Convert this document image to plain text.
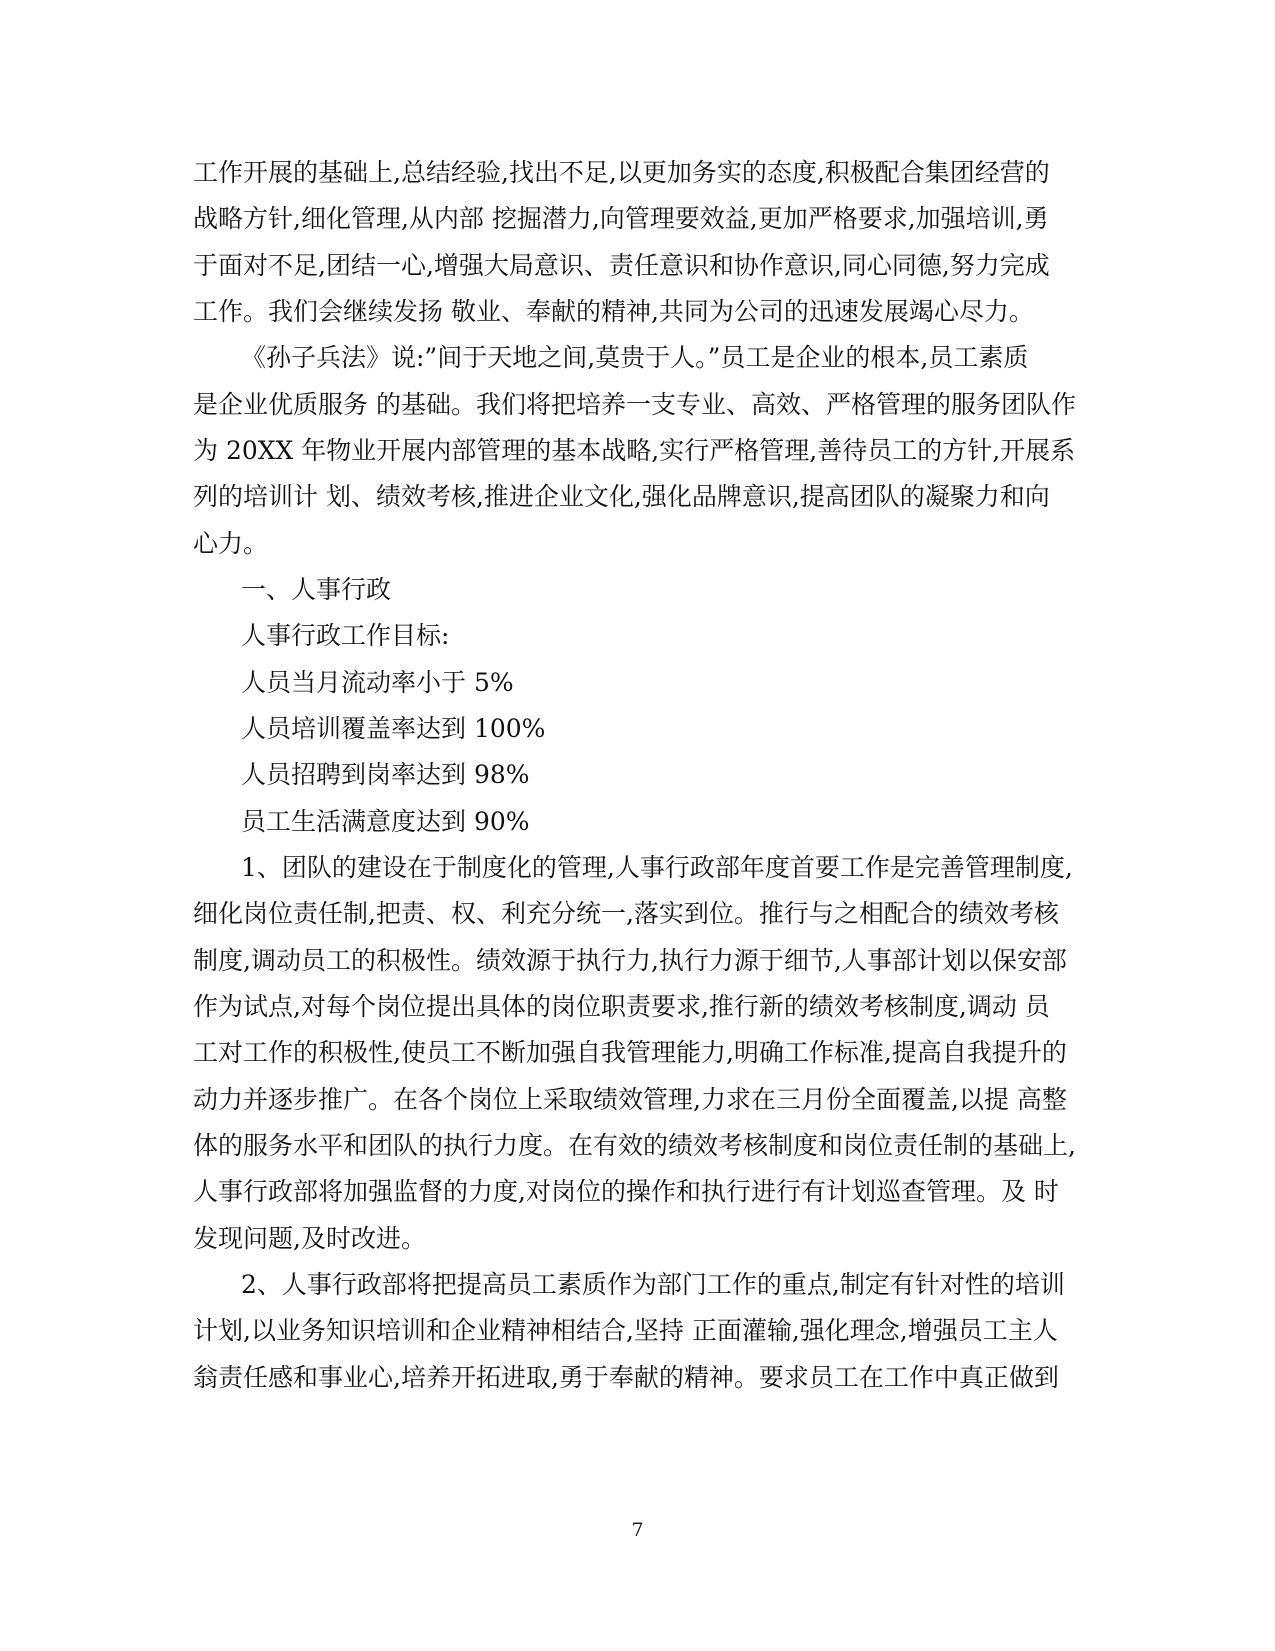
工作开展的基础上,总结经验,找出不足,以更加务实的态度,积极配合集团经营的
战略方针,细化管理,从内部 挖掘潜力,向管理要效益,更加严格要求,加强培训,勇
于面对不足,团结一心,增强大局意识、责任意识和协作意识,同心同德,努力完成
工作。我们会继续发扬 敬业、奉献的精神,共同为公司的迅速发展竭心尽力。
《孙子兵法》说:”间于天地之间,莫贵于人。”员工是企业的根本,员工素质
是企业优质服务 的基础。我们将把培养一支专业、高效、严格管理的服务团队作
为 20XX 年物业开展内部管理的基本战略,实行严格管理,善待员工的方针,开展系
列的培训计 划、绩效考核,推进企业文化,强化品牌意识,提高团队的凝聚力和向
心力。
一、人事行政
人事行政工作目标:
人员当月流动率小于 5%
人员培训覆盖率达到 100%
人员招聘到岗率达到 98%
员工生活满意度达到 90%
1、团队的建设在于制度化的管理,人事行政部年度首要工作是完善管理制度,
细化岗位责任制,把责、权、利充分统一,落实到位。推行与之相配合的绩效考核
制度,调动员工的积极性。绩效源于执行力,执行力源于细节,人事部计划以保安部
作为试点,对每个岗位提出具体的岗位职责要求,推行新的绩效考核制度,调动 员
工对工作的积极性,使员工不断加强自我管理能力,明确工作标准,提高自我提升的
动力并逐步推广。在各个岗位上采取绩效管理,力求在三月份全面覆盖,以提 高整
体的服务水平和团队的执行力度。在有效的绩效考核制度和岗位责任制的基础上,
人事行政部将加强监督的力度,对岗位的操作和执行进行有计划巡查管理。及 时
发现问题,及时改进。
2、人事行政部将把提高员工素质作为部门工作的重点,制定有针对性的培训
计划,以业务知识培训和企业精神相结合,坚持 正面灌输,强化理念,增强员工主人
翁责任感和事业心,培养开拓进取,勇于奉献的精神。要求员工在工作中真正做到
7
